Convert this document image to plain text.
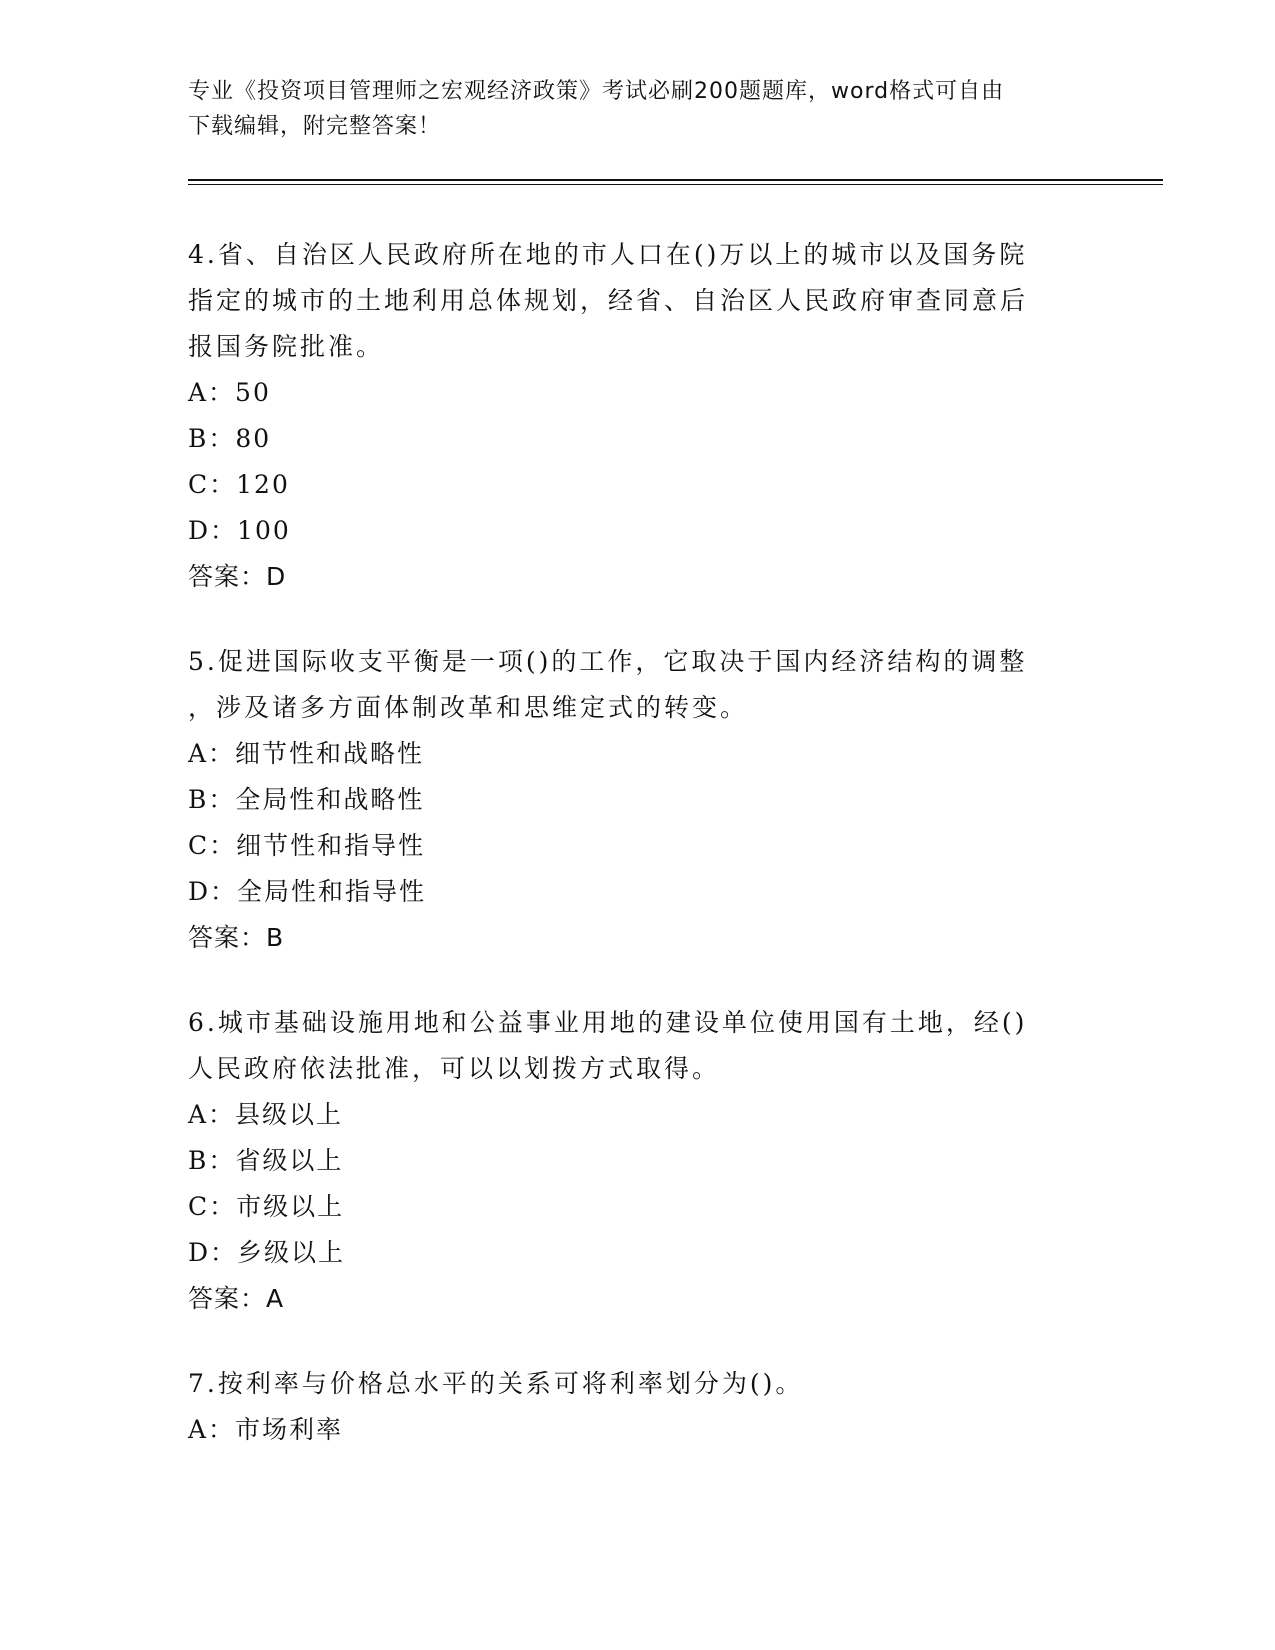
专业《投资项目管理师之宏观经济政策》考试必刷200题题库，word格式可自由
下载编辑，附完整答案！
4.省、自治区人民政府所在地的市人口在()万以上的城市以及国务院
指定的城市的土地利用总体规划，经省、自治区人民政府审查同意后
报国务院批准。
A：50
B：80
C：120
D：100
答案：D
5.促进国际收支平衡是一项()的工作，它取决于国内经济结构的调整
，涉及诸多方面体制改革和思维定式的转变。
A：细节性和战略性
B：全局性和战略性
C：细节性和指导性
D：全局性和指导性
答案：B
6.城市基础设施用地和公益事业用地的建设单位使用国有土地，经()
人民政府依法批准，可以以划拨方式取得。
A：县级以上
B：省级以上
C：市级以上
D：乡级以上
答案：A
7.按利率与价格总水平的关系可将利率划分为()。
A：市场利率
